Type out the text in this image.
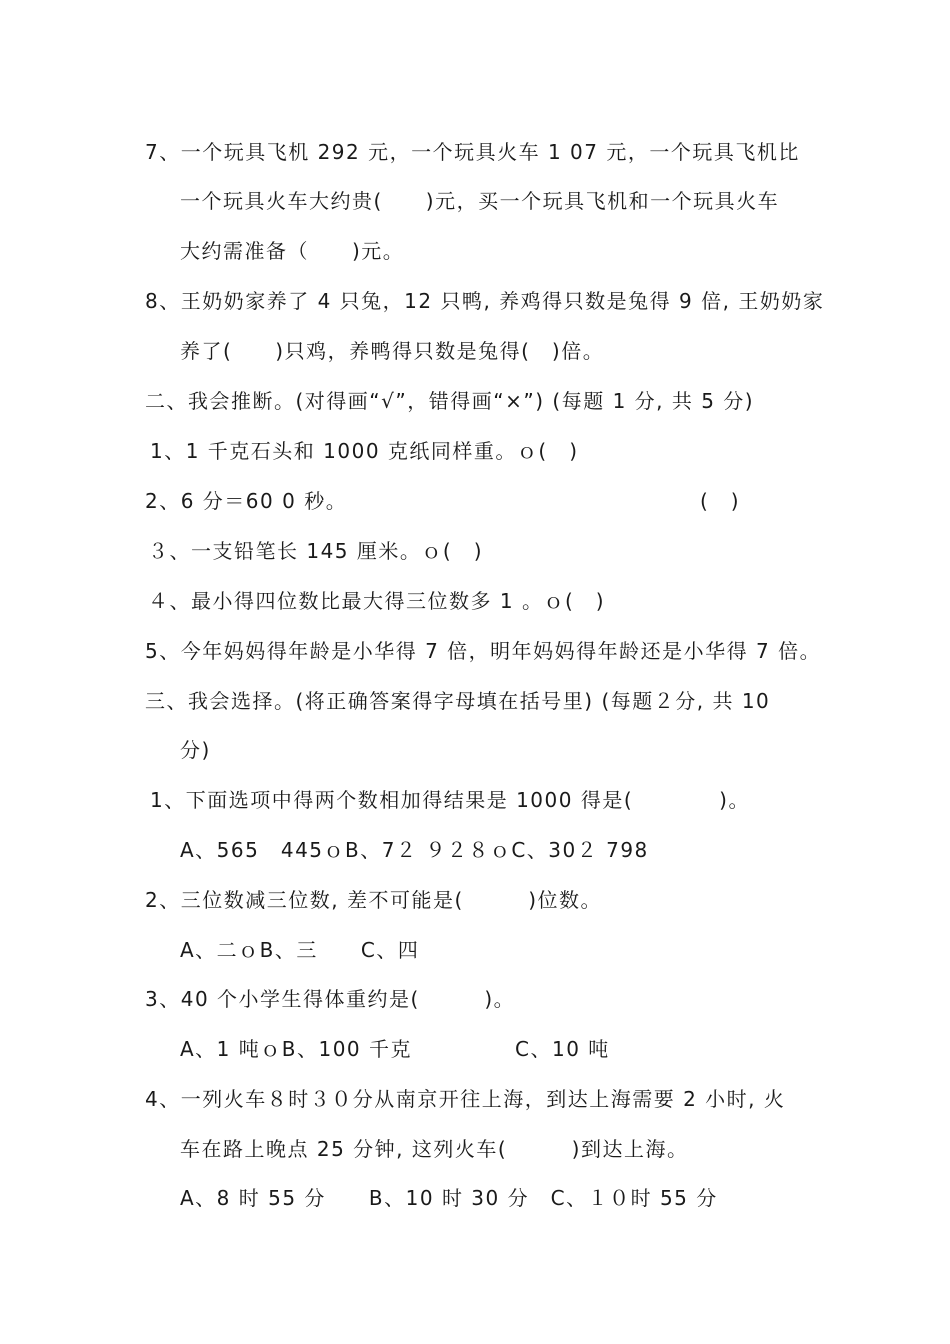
7、一个玩具飞机 292 元，一个玩具火车 1 07 元，一个玩具飞机比
一个玩具火车大约贵(　　)元，买一个玩具飞机和一个玩具火车
大约需准备（　　)元。
8、王奶奶家养了 4 只兔，12 只鸭, 养鸡得只数是兔得 9 倍, 王奶奶家
养了(　　)只鸡，养鸭得只数是兔得(　)倍。
二、我会推断。(对得画“√”，错得画“×”) (每题 1 分, 共 5 分)
1、1 千克石头和 1000 克纸同样重。ｏ(　)
2、6 分＝60 0 秒。	(　)
３、一支铅笔长 145 厘米。ｏ(　)
４、最小得四位数比最大得三位数多 1 。ｏ(　)
5、今年妈妈得年龄是小华得 7 倍，明年妈妈得年龄还是小华得 7 倍。
三、我会选择。(将正确答案得字母填在括号里) (每题２分, 共 10
分)
1、下面选项中得两个数相加得结果是 1000 得是(　　　　)。
A、565　445ｏB、7２ ９２８ｏC、30２ 798
2、三位数减三位数, 差不可能是(　　　)位数。
A、二ｏB、三　　C、四
3、40 个小学生得体重约是(　　　)。
A、1 吨ｏB、100 千克	C、10 吨
4、一列火车８时３０分从南京开往上海，到达上海需要 2 小时, 火
车在路上晚点 25 分钟, 这列火车(　　　)到达上海。
A、8 时 55 分　　B、10 时 30 分　C、１０时 55 分
